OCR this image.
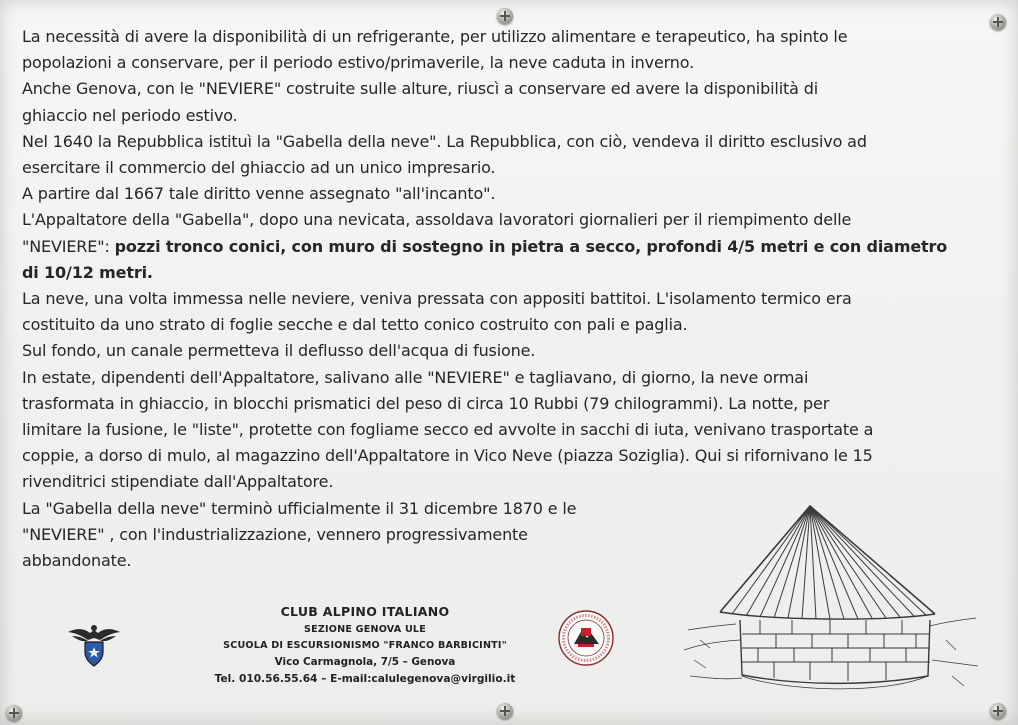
La necessità di avere la disponibilità di un refrigerante, per utilizzo alimentare e terapeutico, ha spinto le

popolazioni a conservare, per il periodo estivo/primaverile, la neve caduta in inverno.

Anche Genova, con le "NEVIERE" costruite sulle alture, riuscì a conservare ed avere la disponibilità di

ghiaccio nel periodo estivo.

Nel 1640 la Repubblica istituì la "Gabella della neve". La Repubblica, con ciò, vendeva il diritto esclusivo ad

esercitare il commercio del ghiaccio ad un unico impresario.

A partire dal 1667 tale diritto venne assegnato "all'incanto".

L'Appaltatore della "Gabella", dopo una nevicata, assoldava lavoratori giornalieri per il riempimento delle

"NEVIERE": pozzi tronco conici, con muro di sostegno in pietra a secco, profondi 4/5 metri e con diametro

di 10/12 metri.

La neve, una volta immessa nelle neviere, veniva pressata con appositi battitoi. L'isolamento termico era

costituito da uno strato di foglie secche e dal tetto conico costruito con pali e paglia.

Sul fondo, un canale permetteva il deflusso dell'acqua di fusione.

In estate, dipendenti dell'Appaltatore, salivano alle "NEVIERE" e tagliavano, di giorno, la neve ormai

trasformata in ghiaccio, in blocchi prismatici del peso di circa 10 Rubbi (79 chilogrammi). La notte, per

limitare la fusione, le "liste", protette con fogliame secco ed avvolte in sacchi di iuta, venivano trasportate a

coppie, a dorso di mulo, al magazzino dell'Appaltatore in Vico Neve (piazza Soziglia). Qui si rifornivano le 15

rivenditrici stipendiate dall'Appaltatore.

La "Gabella della neve" terminò ufficialmente il 31 dicembre 1870 e le

"NEVIERE" , con l'industrializzazione, vennero progressivamente

abbandonate.

CLUB ALPINO ITALIANO
SEZIONE GENOVA ULE
SCUOLA DI ESCURSIONISMO "FRANCO BARBICINTI"
Vico Carmagnola, 7/5 – Genova
Tel. 010.56.55.64 – E-mail:calulegenova@virgilio.it
